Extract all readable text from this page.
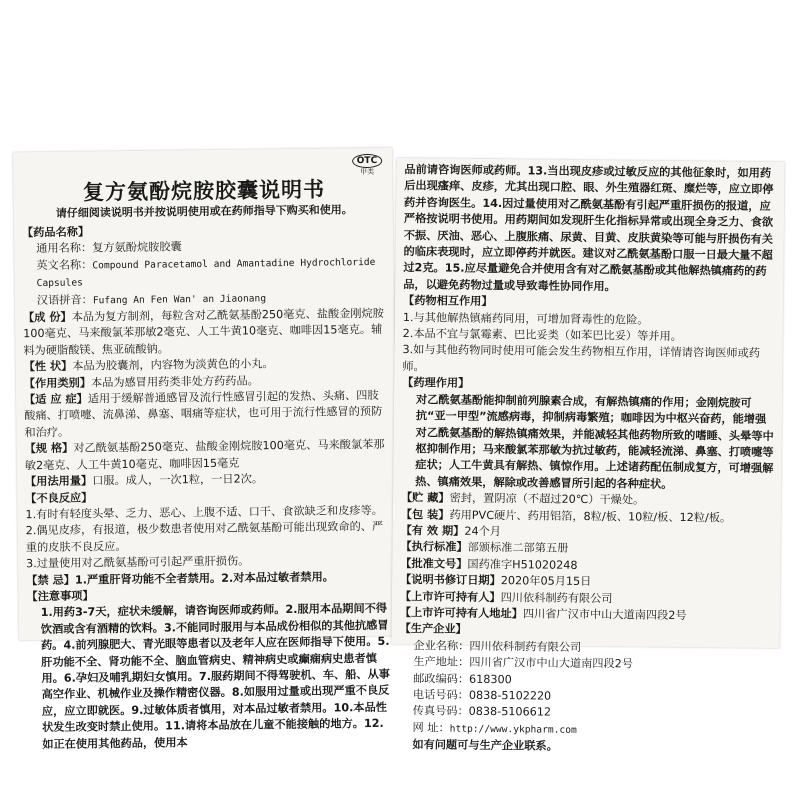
OTC
甲类
复方氨酚烷胺胶囊说明书
请仔细阅读说明书并按说明使用或在药师指导下购买和使用。
【药品名称】
通用名称：复方氨酚烷胺胶囊
英文名称：Compound Paracetamol and Amantadine Hydrochloride Capsules
汉语拼音：Fufang An Fen Wan' an Jiaonang
【成 份】本品为复方制剂，每粒含对乙酰氨基酚250毫克、盐酸金刚烷胺100毫克、马来酸氯苯那敏2毫克、人工牛黄10毫克、咖啡因15毫克。辅料为硬脂酸镁、焦亚硫酸钠。
【性 状】本品为胶囊剂，内容物为淡黄色的小丸。
【作用类别】本品为感冒用药类非处方药药品。
【适 应 症】适用于缓解普通感冒及流行性感冒引起的发热、头痛、四肢酸痛、打喷嚏、流鼻涕、鼻塞、咽痛等症状，也可用于流行性感冒的预防和治疗。
【规 格】对乙酰氨基酚250毫克、盐酸金刚烷胺100毫克、马来酸氯苯那敏2毫克、人工牛黄10毫克、咖啡因15毫克
【用法用量】口服。成人，一次1粒，一日2次。
【不良反应】
1.有时有轻度头晕、乏力、恶心、上腹不适、口干、食欲缺乏和皮疹等。
2.偶见皮疹，有报道，极少数患者使用对乙酰氨基酚可能出现致命的、严重的皮肤不良反应。
3.过量使用对乙酰氨基酚可引起严重肝损伤。
【禁 忌】1.严重肝肾功能不全者禁用。2.对本品过敏者禁用。
【注意事项】
1.用药3-7天，症状未缓解，请咨询医师或药师。2.服用本品期间不得饮酒或含有酒精的饮料。3.不能同时服用与本品成份相似的其他抗感冒药。4.前列腺肥大、青光眼等患者以及老年人应在医师指导下使用。5.肝功能不全、肾功能不全、脑血管病史、精神病史或癫痫病史患者慎用。6.孕妇及哺乳期妇女慎用。7.服药期间不得驾驶机、车、船、从事高空作业、机械作业及操作精密仪器。8.如服用过量或出现严重不良反应，应立即就医。9.过敏体质者慎用，对本品过敏者禁用。10.本品性状发生改变时禁止使用。11.请将本品放在儿童不能接触的地方。12.如正在使用其他药品，使用本
品前请咨询医师或药师。13.当出现皮疹或过敏反应的其他征象时，如用药后出现瘙痒、皮疹，尤其出现口腔、眼、外生殖器红斑、糜烂等，应立即停药并咨询医生。14.因过量使用对乙酰氨基酚有引起严重肝损伤的报道，应严格按说明书使用。用药期间如发现肝生化指标异常或出现全身乏力、食欲不振、厌油、恶心、上腹胀痛、尿黄、目黄、皮肤黄染等可能与肝损伤有关的临床表现时，应立即停药并就医。建议对乙酰氨基酚口服一日最大量不超过2克。15.应尽量避免合并使用含有对乙酰氨基酚或其他解热镇痛药的药品，以避免药物过量或导致毒性协同作用。
【药物相互作用】
1.与其他解热镇痛药同用，可增加肾毒性的危险。
2.本品不宜与氯霉素、巴比妥类（如苯巴比妥）等并用。
3.如与其他药物同时使用可能会发生药物相互作用，详情请咨询医师或药师。
【药理作用】
对乙酰氨基酚能抑制前列腺素合成，有解热镇痛的作用；金刚烷胺可抗“亚一甲型”流感病毒，抑制病毒繁殖；咖啡因为中枢兴奋药，能增强对乙酰氨基酚的解热镇痛效果，并能减轻其他药物所致的嗜睡、头晕等中枢抑制作用；马来酸氯苯那敏为抗过敏药，能减轻流涕、鼻塞、打喷嚏等症状；人工牛黄具有解热、镇惊作用。上述诸药配伍制成复方，可增强解热、镇痛效果，解除或改善感冒所引起的各种症状。
【贮 藏】密封，置阴凉（不超过20℃）干燥处。
【包 装】药用PVC硬片、药用铝箔，8粒/板、10粒/板、12粒/板。
【有 效 期】24个月
【执行标准】部颁标准二部第五册
【批准文号】国药准字H51020248
【说明书修订日期】2020年05月15日
【上市许可持有人】四川依科制药有限公司
【上市许可持有人地址】四川省广汉市中山大道南四段2号
【生产企业】
企业名称：四川依科制药有限公司
生产地址：四川省广汉市中山大道南四段2号
邮政编码：618300
电话号码：0838-5102220
传真号码：0838-5106612
网 址：http://www.ykpharm.com
如有问题可与生产企业联系。
